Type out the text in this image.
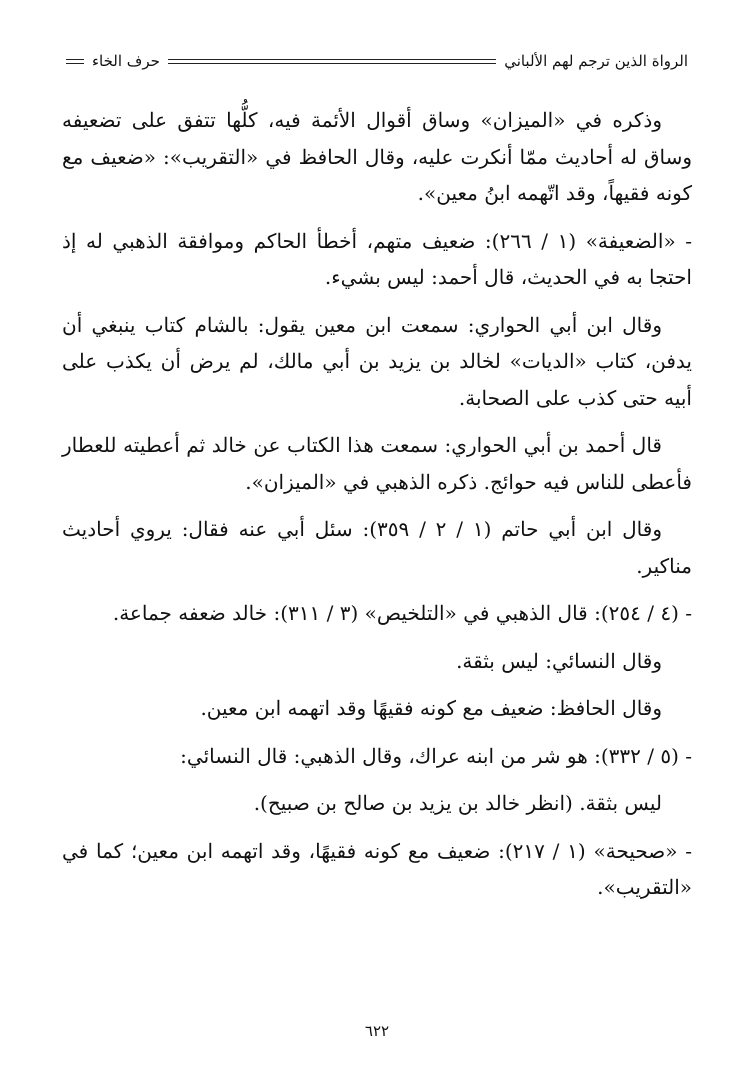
الرواة الذين ترجم لهم الألباني
حرف الخاء

وذكره في «الميزان» وساق أقوال الأئمة فيه، كلُّها تتفق على تضعيفه وساق له أحاديث ممّا أنكرت عليه، وقال الحافظ في «التقريب»: «ضعيف مع كونه فقيهاً، وقد اتّهمه ابنُ معين».

- «الضعيفة» (١ / ٢٦٦): ضعيف متهم، أخطأ الحاكم وموافقة الذهبي له إذ احتجا به في الحديث، قال أحمد: ليس بشيء.

وقال ابن أبي الحواري: سمعت ابن معين يقول: بالشام كتاب ينبغي أن يدفن، كتاب «الديات» لخالد بن يزيد بن أبي مالك، لم يرض أن يكذب على أبيه حتى كذب على الصحابة.

قال أحمد بن أبي الحواري: سمعت هذا الكتاب عن خالد ثم أعطيته للعطار فأعطى للناس فيه حوائج. ذكره الذهبي في «الميزان».

وقال ابن أبي حاتم (١ / ٢ / ٣٥٩): سئل أبي عنه فقال: يروي أحاديث مناكير.

- (٤ / ٢٥٤): قال الذهبي في «التلخيص» (٣ / ٣١١): خالد ضعفه جماعة.

وقال النسائي: ليس بثقة.

وقال الحافظ: ضعيف مع كونه فقيهًا وقد اتهمه ابن معين.

- (٥ / ٣٣٢): هو شر من ابنه عراك، وقال الذهبي: قال النسائي:

ليس بثقة. (انظر خالد بن يزيد بن صالح بن صبيح).

- «صحيحة» (١ / ٢١٧): ضعيف مع كونه فقيهًا، وقد اتهمه ابن معين؛ كما في «التقريب».

٦٢٢
